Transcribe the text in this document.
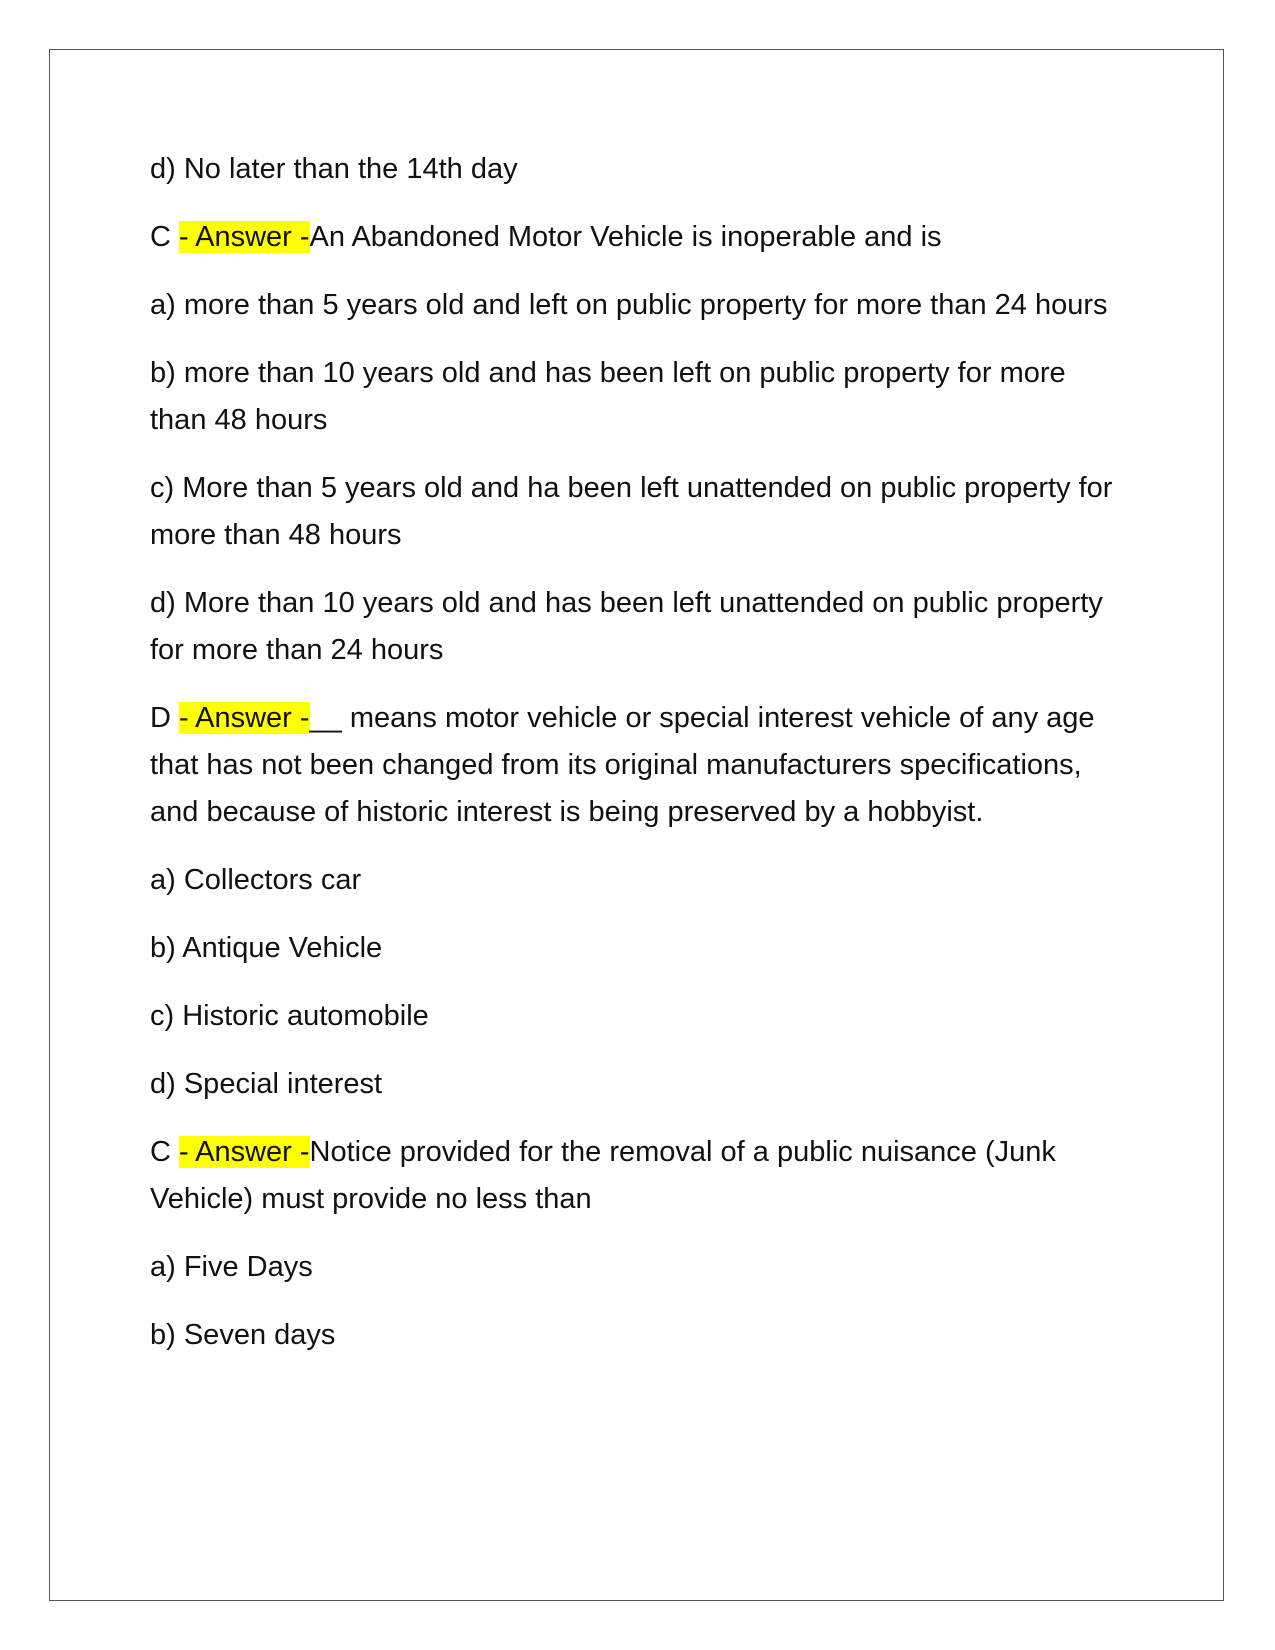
d) No later than the 14th day

C - Answer -An Abandoned Motor Vehicle is inoperable and is

a) more than 5 years old and left on public property for more than 24 hours

b) more than 10 years old and has been left on public property for more than 48 hours

c) More than 5 years old and ha been left unattended on public property for more than 48 hours

d) More than 10 years old and has been left unattended on public property for more than 24 hours

D - Answer -__ means motor vehicle or special interest vehicle of any age that has not been changed from its original manufacturers specifications, and because of historic interest is being preserved by a hobbyist.

a) Collectors car

b) Antique Vehicle

c) Historic automobile

d) Special interest

C - Answer -Notice provided for the removal of a public nuisance (Junk Vehicle) must provide no less than

a) Five Days

b) Seven days
